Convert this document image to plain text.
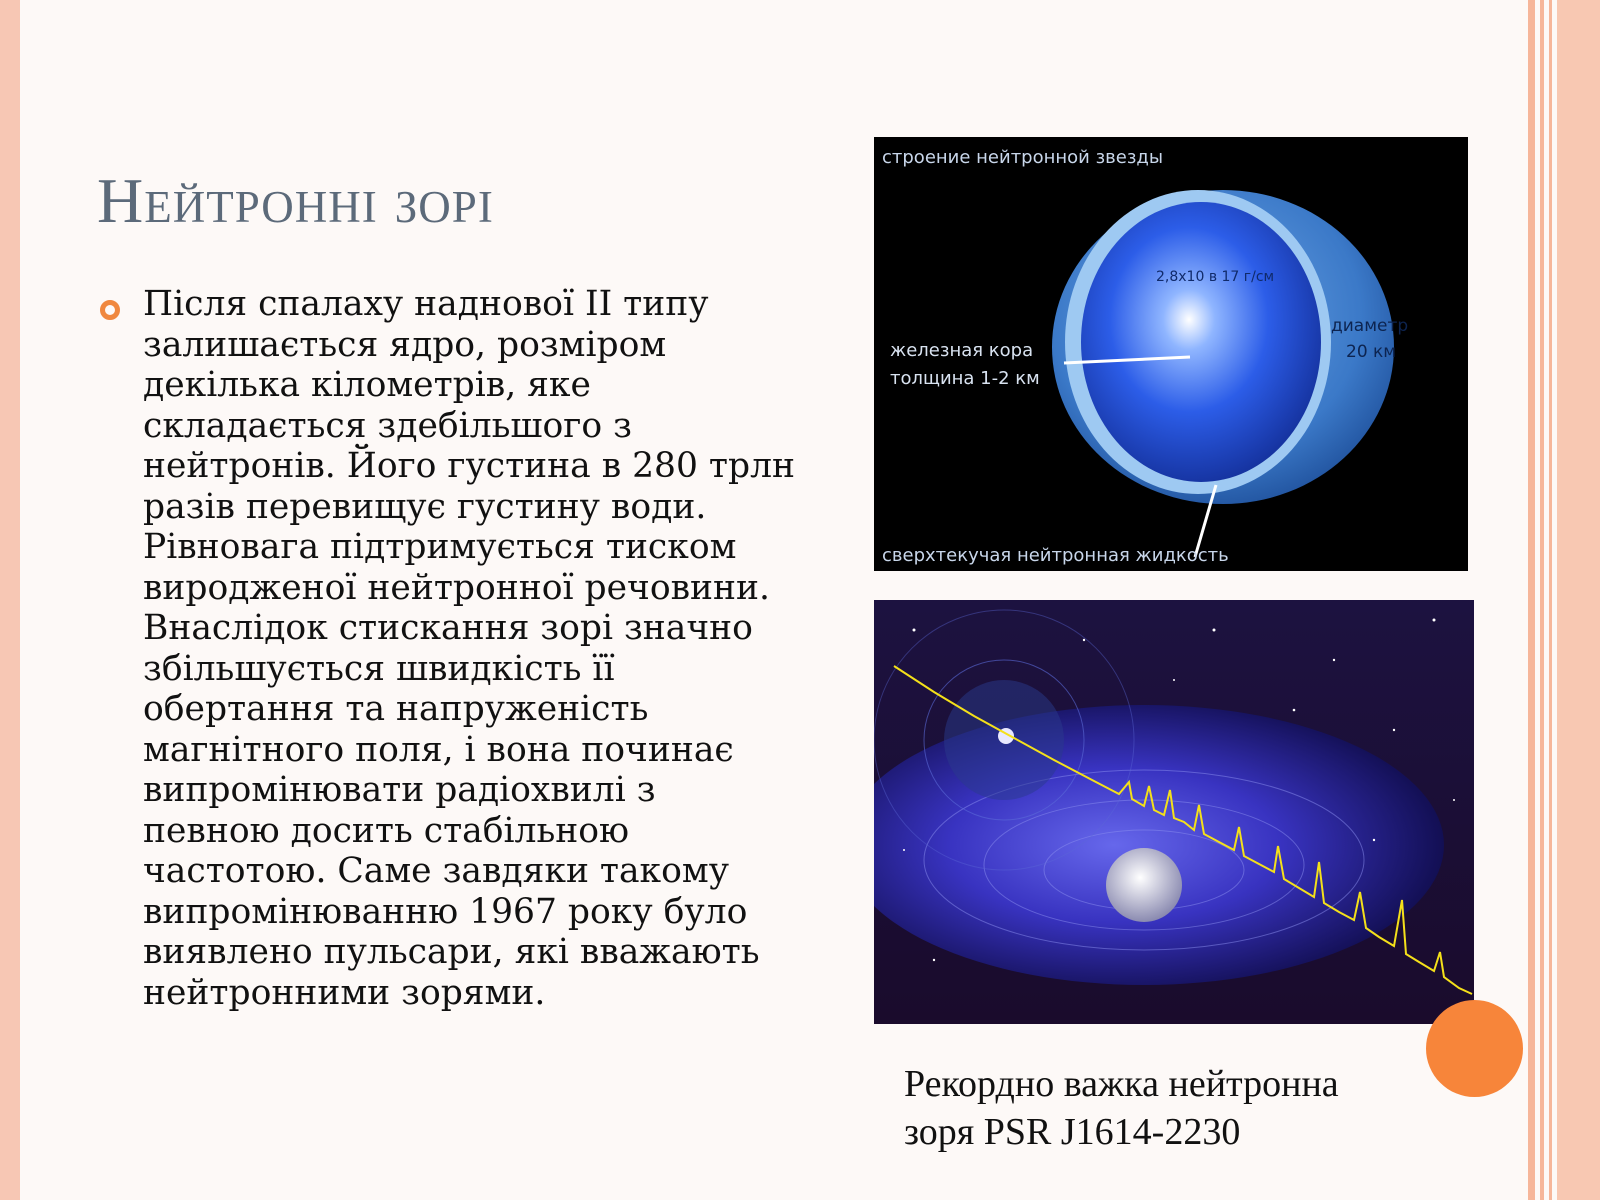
Нейтронні зорі

Після спалаху наднової II типу залишається ядро, розміром декілька кілометрів, яке складається здебільшого з нейтронів. Його густина в 280 трлн разів перевищує густину води. Рівновага підтримується тиском виродженої нейтронної речовини. Внаслідок стискання зорі значно збільшується швидкість її обертання та напруженість магнітного поля, і вона починає випромінювати радіохвилі з певною досить стабільною частотою. Саме завдяки такому випромінюванню 1967 року було виявлено пульсари, які вважають нейтронними зорями.

строение нейтронной звезды
2,8х10 в 17 г/см
железная кора
толщина 1-2 км
диаметр
20 км
сверхтекучая нейтронная жидкость
Рекордно важка нейтронна
зоря PSR J1614-2230
